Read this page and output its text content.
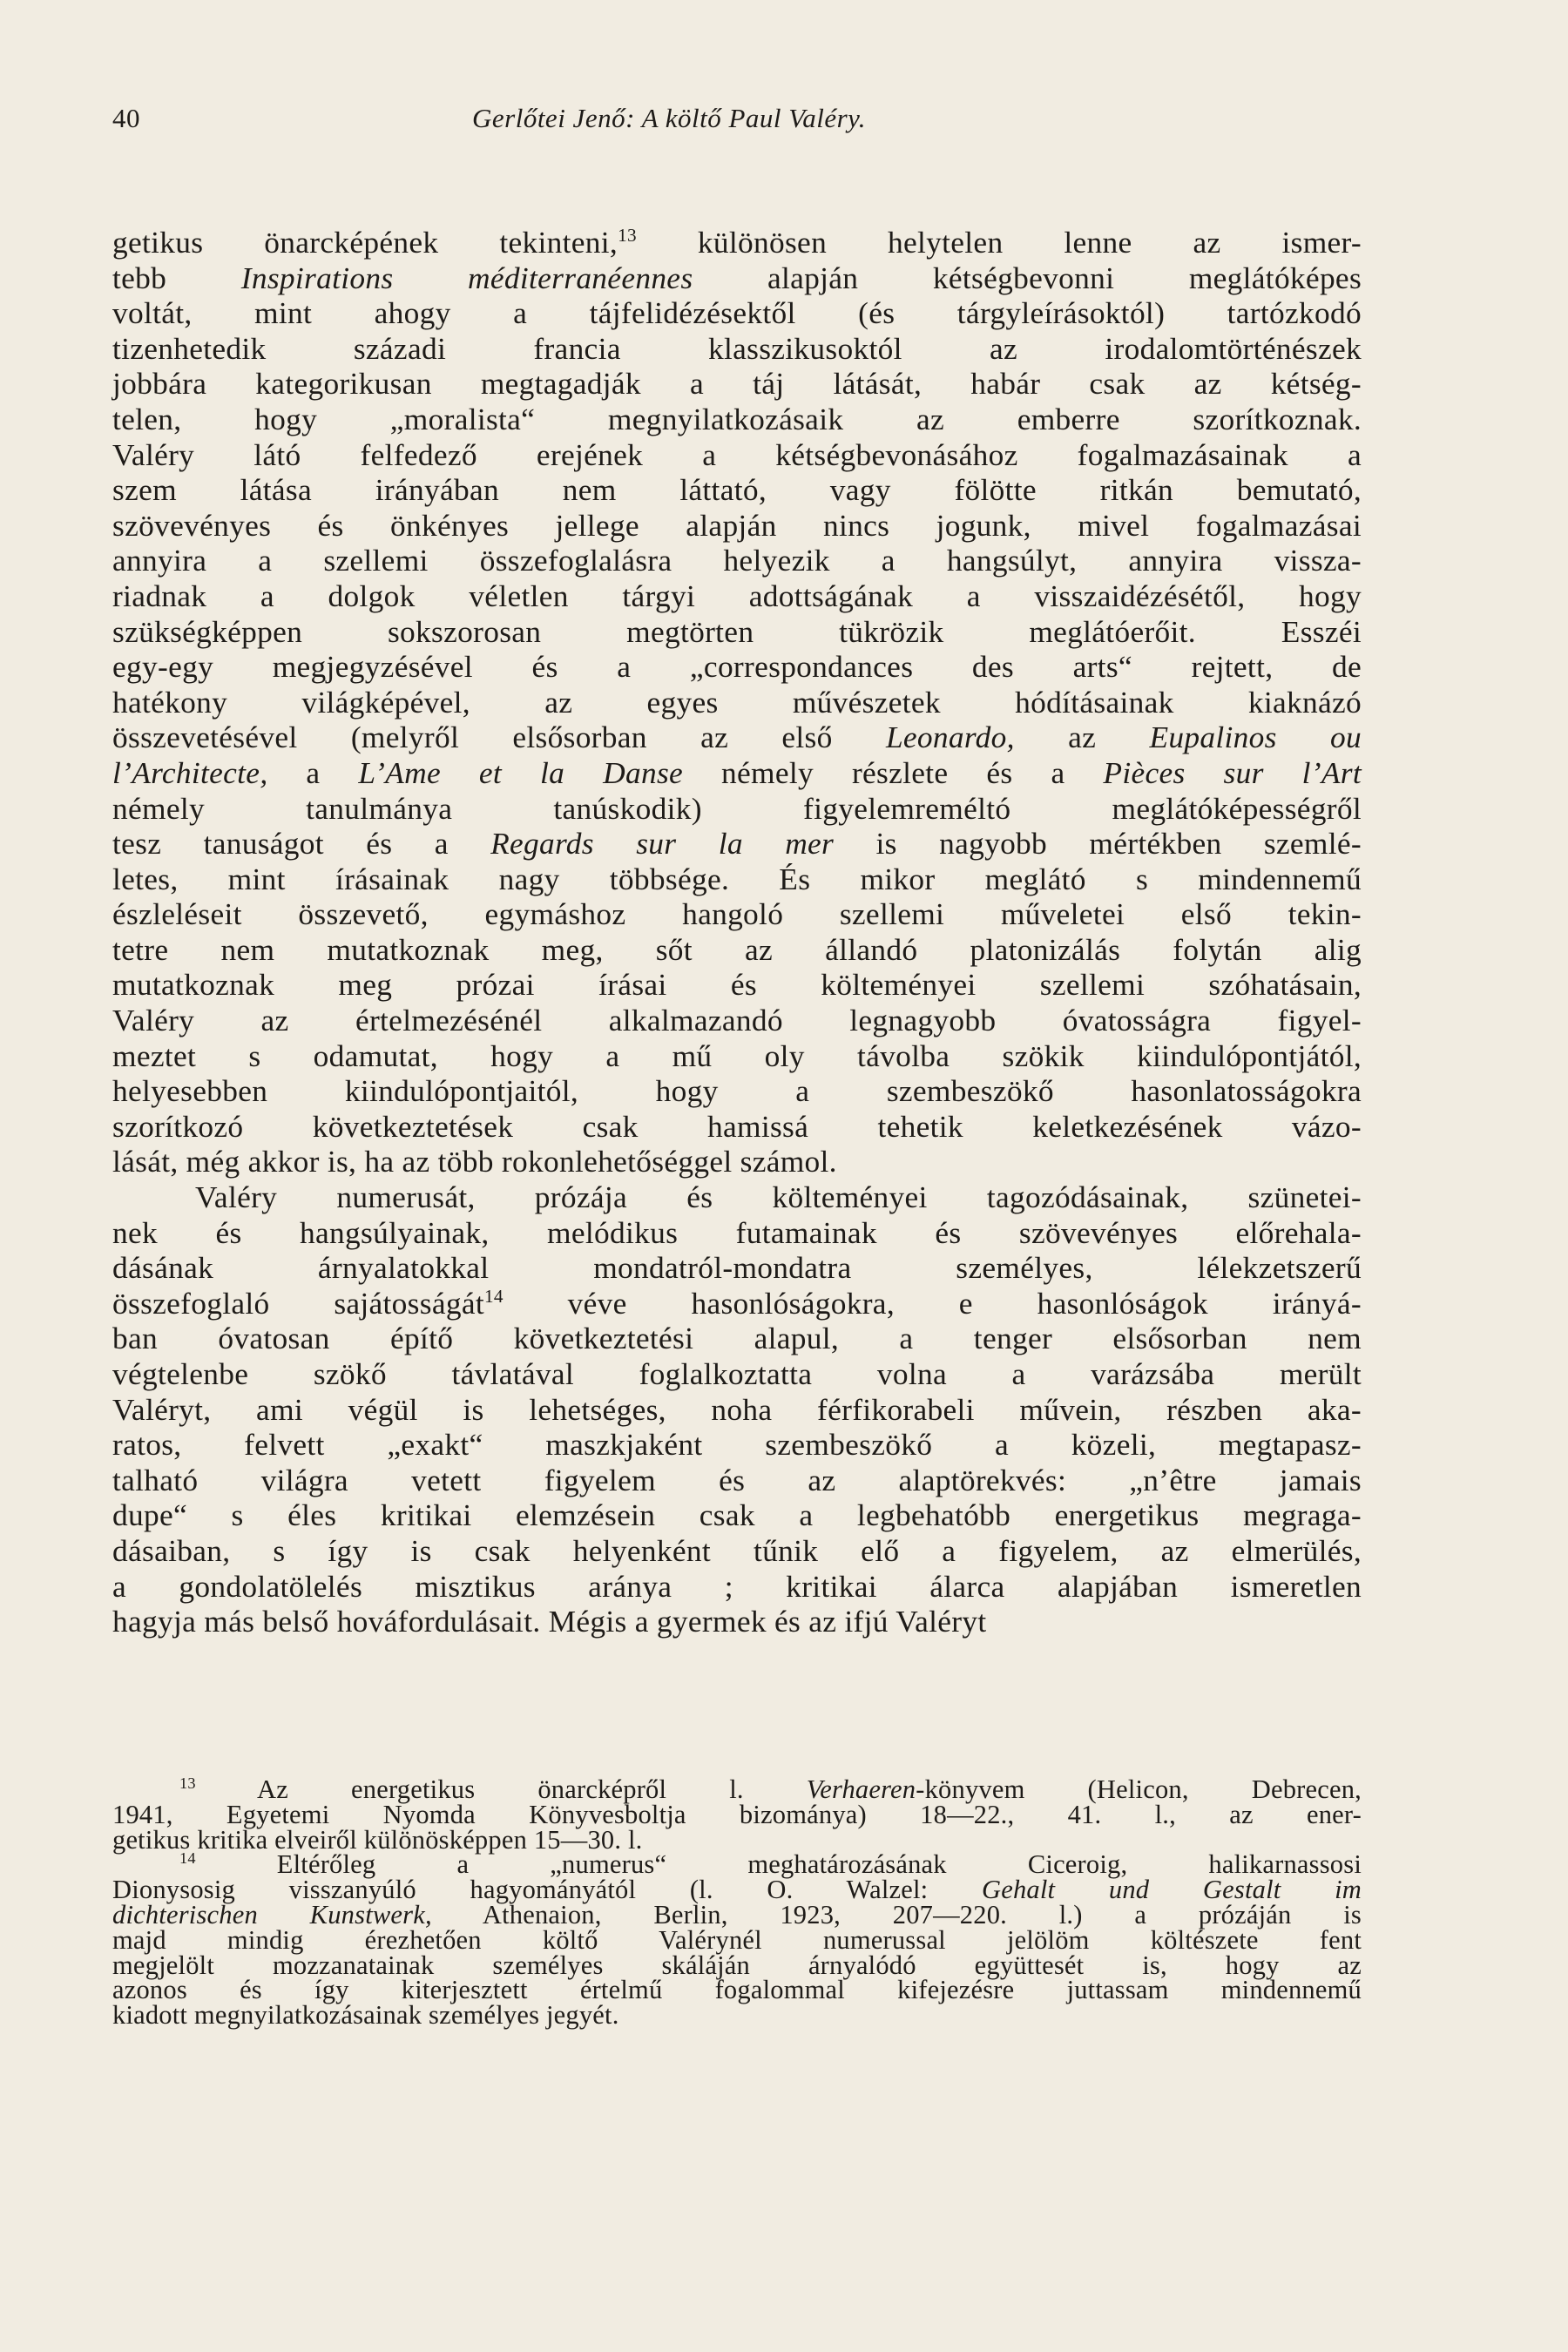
40	Gerlőtei Jenő: A költő Paul Valéry.
getikus önarcképének tekinteni,$^{13}$ különösen helytelen lenne az ismer-
tebb Inspirations méditerranéennes alapján kétségbevonni meglátóképes
voltát, mint ahogy a tájfelidézésektől (és tárgyleírásoktól) tartózkodó
tizenhetedik századi francia klasszikusoktól az irodalomtörténészek
jobbára kategorikusan megtagadják a táj látását, habár csak az kétség-
telen, hogy „moralista“ megnyilatkozásaik az emberre szorítkoznak.
Valéry látó felfedező erejének a kétségbevonásához fogalmazásainak a
szem látása irányában nem láttató, vagy fölötte ritkán bemutató,
szövevényes és önkényes jellege alapján nincs jogunk, mivel fogalmazásai
annyira a szellemi összefoglalásra helyezik a hangsúlyt, annyira vissza-
riadnak a dolgok véletlen tárgyi adottságának a visszaidézésétől, hogy
szükségképpen sokszorosan megtörten tükrözik meglátóerőit. Esszéi
egy-egy megjegyzésével és a „correspondances des arts“ rejtett, de
hatékony világképével, az egyes művészetek hódításainak kiaknázó
összevetésével (melyről elsősorban az első Leonardo, az Eupalinos ou
l’Architecte, a L’Ame et la Danse némely részlete és a Pièces sur l’Art
némely tanulmánya tanúskodik) figyelemreméltó meglátóképességről
tesz tanuságot és a Regards sur la mer is nagyobb mértékben szemlé-
letes, mint írásainak nagy többsége. És mikor meglátó s mindennemű
észleléseit összevető, egymáshoz hangoló szellemi műveletei első tekin-
tetre nem mutatkoznak meg, sőt az állandó platonizálás folytán alig
mutatkoznak meg prózai írásai és költeményei szellemi szóhatásain,
Valéry az értelmezésénél alkalmazandó legnagyobb óvatosságra figyel-
meztet s odamutat, hogy a mű oly távolba szökik kiindulópontjától,
helyesebben kiindulópontjaitól, hogy a szembeszökő hasonlatosságokra
szorítkozó következtetések csak hamissá tehetik keletkezésének vázo-
lását, még akkor is, ha az több rokonlehetőséggel számol.
Valéry numerusát, prózája és költeményei tagozódásainak, szünetei-
nek és hangsúlyainak, melódikus futamainak és szövevényes előrehala-
dásának árnyalatokkal mondatról-mondatra személyes, lélekzetszerű
összefoglaló sajátosságát$^{14}$ véve hasonlóságokra, e hasonlóságok irányá-
ban óvatosan építő következtetési alapul, a tenger elsősorban nem
végtelenbe szökő távlatával foglalkoztatta volna a varázsába merült
Valéryt, ami végül is lehetséges, noha férfikorabeli művein, részben aka-
ratos, felvett „exakt“ maszkjaként szembeszökő a közeli, megtapasz-
talható világra vetett figyelem és az alaptörekvés: „n’être jamais
dupe“ s éles kritikai elemzésein csak a legbehatóbb energetikus megraga-
dásaiban, s így is csak helyenként tűnik elő a figyelem, az elmerülés,
a gondolatölelés misztikus aránya ; kritikai álarca alapjában ismeretlen
hagyja más belső hováfordulásait. Mégis a gyermek és az ifjú Valéryt
$^{13}$ Az energetikus önarcképről l. Verhaeren-könyvem (Helicon, Debrecen,
1941, Egyetemi Nyomda Könyvesboltja bizománya) 18—22., 41. l., az ener-
getikus kritika elveiről különösképpen 15—30. l.
$^{14}$ Eltérőleg a „numerus“ meghatározásának Ciceroig, halikarnassosi
Dionysosig visszanyúló hagyományától (l. O. Walzel: Gehalt und Gestalt im
dichterischen Kunstwerk, Athenaion, Berlin, 1923, 207—220. l.) a prózáján is
majd mindig érezhetően költő Valérynél numerussal jelölöm költészete fent
megjelölt mozzanatainak személyes skáláján árnyalódó együttesét is, hogy az
azonos és így kiterjesztett értelmű fogalommal kifejezésre juttassam mindennemű
kiadott megnyilatkozásainak személyes jegyét.
